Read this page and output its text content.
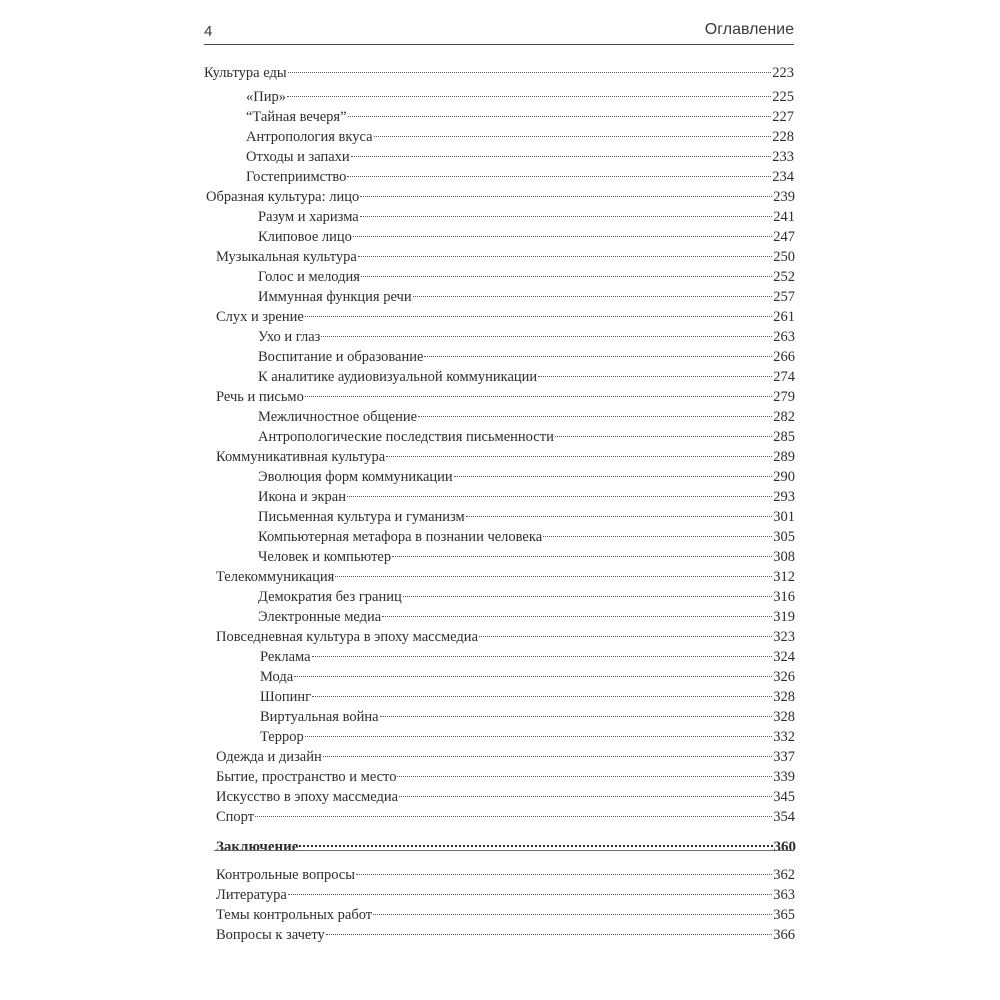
4	Оглавление
Культура еды	223
«Пир»	225
“Тайная вечеря”	227
Антропология вкуса	228
Отходы и запахи	233
Гостеприимство	234
Образная культура: лицо	239
Разум и харизма	241
Клиповое лицо	247
Музыкальная культура	250
Голос и мелодия	252
Иммунная функция речи	257
Слух и зрение	261
Ухо и глаз	263
Воспитание и образование	266
К аналитике аудиовизуальной коммуникации	274
Речь и письмо	279
Межличностное общение	282
Антропологические последствия письменности	285
Коммуникативная культура	289
Эволюция форм коммуникации	290
Икона и экран	293
Письменная культура и гуманизм	301
Компьютерная метафора в познании человека	305
Человек и компьютер	308
Телекоммуникация	312
Демократия без границ	316
Электронные медиа	319
Повседневная культура в эпоху массмедиа	323
Реклама	324
Мода	326
Шопинг	328
Виртуальная война	328
Террор	332
Одежда и дизайн	337
Бытие, пространство и место	339
Искусство в эпоху массмедиа	345
Спорт	354
Заключение	360
Контрольные вопросы	362
Литература	363
Темы контрольных работ	365
Вопросы к зачету	366
